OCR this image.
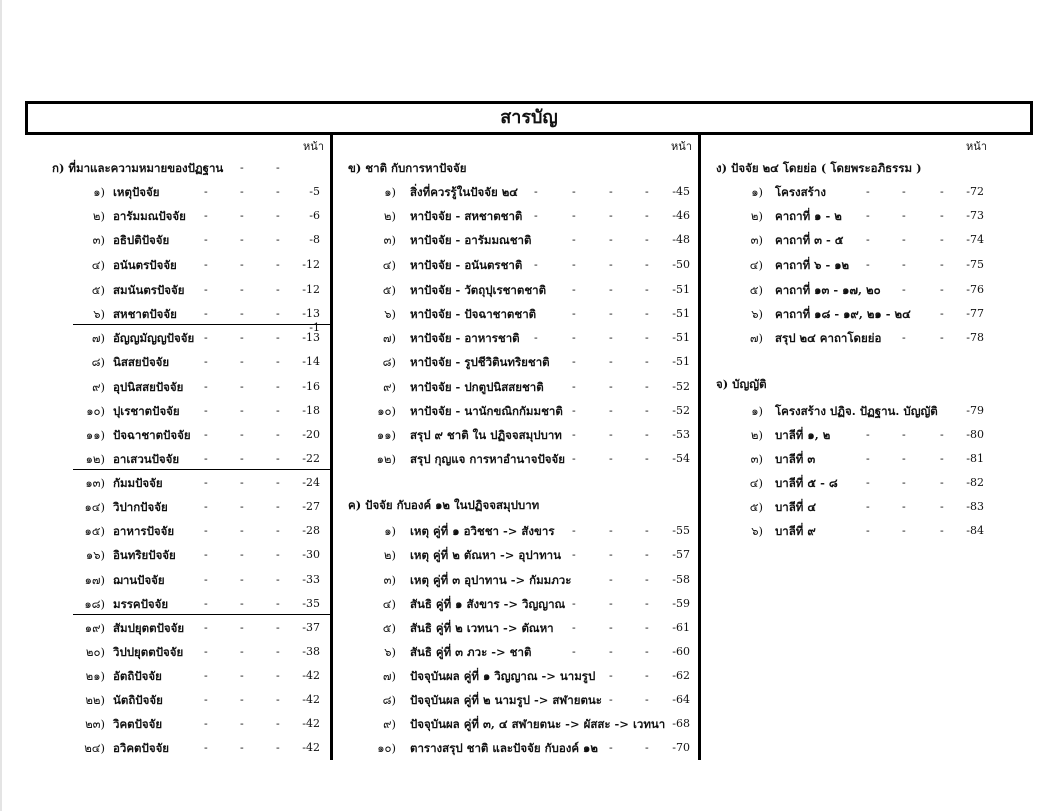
สารบัญ
หน้า	หน้า	หน้า
ก) ที่มาและความหมายของปัฏฐาน
-1
-	-
๑) เหตุปัจจัย	-	-	-	-5
๒) อารัมมณปัจจัย -	-	-	-6
๓) อธิปติปัจจัย	-	-	-	-8
๔) อนันตรปัจจัย -	-	-	-12
๕) สมนันตรปัจจัย -	-	-	-12
๖) สหชาตปัจจัย -	-	-	-13
๗) อัญญมัญญปัจจัย -	-	-	-13
๘) นิสสยปัจจัย	-	-	-	-14
๙) อุปนิสสยปัจจัย -	-	-	-16
๑๐) ปุเรชาตปัจจัย -	-	-	-18
๑๑) ปัจฉาชาตปัจจัย -	-	-	-20
๑๒) อาเสวนปัจจัย -	-	-	-22
๑๓) กัมมปัจจัย	-	-	-	-24
๑๔) วิปากปัจจัย	-	-	-	-27
๑๕) อาหารปัจจัย	-	-	-	-28
๑๖) อินทริยปัจจัย	-	-	-	-30
๑๗) ฌานปัจจัย	-	-	-	-33
๑๘) มรรคปัจจัย	-	-	-	-35
๑๙) สัมปยุตตปัจจัย -	-	-	-37
๒๐) วิปปยุตตปัจจัย -	-	-	-38
๒๑) อัตถิปัจจัย	-	-	-	-42
๒๒) นัตถิปัจจัย	-	-	-	-42
๒๓) วิคตปัจจัย	-	-	-	-42
๒๔) อวิคตปัจจัย	-	-	-	-42
ข) ชาติ กับการหาปัจจัย
๑) สิ่งที่ควรรู้ในปัจจัย ๒๔ -	-	-	-	-45
๒) หาปัจจัย - สหชาตชาติ -	-	-	-	-46
๓) หาปัจจัย - อารัมมณชาติ	-	-	-	-48
๔) หาปัจจัย - อนันตรชาติ -	-	-	-	-50
๕) หาปัจจัย - วัตถุปุเรชาตชาติ -	-	-	-51
๖) หาปัจจัย - ปัจฉาชาตชาติ	-	-	-	-51
๗) หาปัจจัย - อาหารชาติ -	-	-	-	-51
๘) หาปัจจัย - รูปชีวิตินทริยชาติ -	-	-	-51
๙) หาปัจจัย - ปกตูปนิสสยชาติ	-	-	-	-52
๑๐) หาปัจจัย - นานักขณิกกัมมชาติ -	-	-	-52
๑๑) สรุป ๙ ชาติ ใน ปฏิจจสมุปบาท -	-	-	-53
๑๒) สรุป กุญแจ การหาอำนาจปัจจัย -	-	-	-54
ค) ปัจจัย กับองค์ ๑๒ ในปฏิจจสมุปบาท
๑) เหตุ คู่ที่ ๑ อวิชชา -> สังขาร -	-	-	-55
๒) เหตุ คู่ที่ ๒ ตัณหา -> อุปาทาน -	-	-	-57
๓) เหตุ คู่ที่ ๓ อุปาทาน -> กัมมภวะ	-	-	-58
๔) สันธิ คู่ที่ ๑ สังขาร -> วิญญาณ -	-	-	-59
๕) สันธิ คู่ที่ ๒ เวทนา -> ตัณหา -	-	-	-61
๖) สันธิ คู่ที่ ๓ ภวะ -> ชาติ	-	-	-	-60
๗) ปัจจุบันผล คู่ที่ ๑ วิญญาณ -> นามรูป -	-	-62
๘) ปัจจุบันผล คู่ที่ ๒ นามรูป -> สฬายตนะ -	-	-64
๙) ปัจจุบันผล คู่ที่ ๓, ๔ สฬายตนะ -> ผัสสะ -> เวทนา -68
๑๐) ตารางสรุป ชาติ และปัจจัย กับองค์ ๑๒ -	-	-70
ง) ปัจจัย ๒๔ โดยย่อ ( โดยพระอภิธรรม )
๑) โครงสร้าง	-	-	-	-72
๒) คาถาที่ ๑ - ๒ -	-	-	-73
๓) คาถาที่ ๓ - ๕ -	-	-	-74
๔) คาถาที่ ๖ - ๑๒ -	-	-	-75
๕) คาถาที่ ๑๓ - ๑๗, ๒๐ -	-	-76
๖) คาถาที่ ๑๘ - ๑๙, ๒๑ - ๒๔	-	-77
๗) สรุป ๒๔ คาถาโดยย่อ -	-	-78
จ) บัญญัติ
๑) โครงสร้าง ปฏิจ. ปัฏฐาน. บัญญัติ	-79
๒) บาลีที่ ๑, ๒	-	-	-	-80
๓) บาลีที่ ๓	-	-	-	-81
๔) บาลีที่ ๕ - ๘	-	-	-	-82
๕) บาลีที่ ๔	-	-	-	-83
๖) บาลีที่ ๙	-	-	-	-84
